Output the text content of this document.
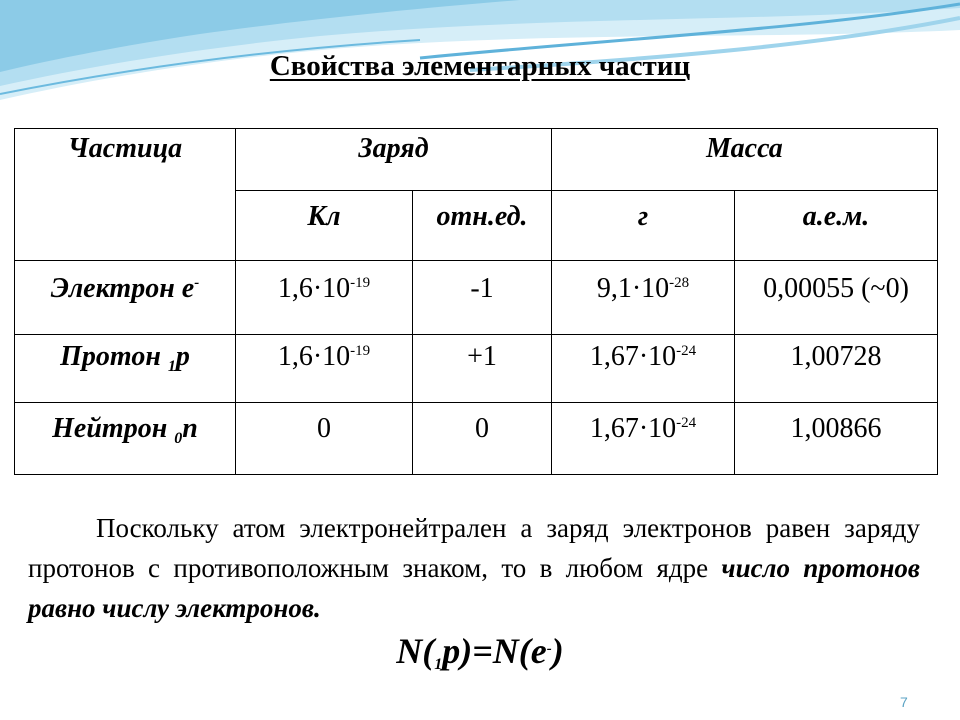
Свойства элементарных частиц
Частица	Заряд		Масса	
	Кл	отн.ед.	г	а.е.м.
Электрон е-	$1,6\cdot 10^{-19}$	-1	$9,1\cdot 10^{-28}$	0,00055 (~0)
Протон $_1$р	$1,6\cdot 10^{-19}$	+1	$1,67\cdot 10^{-24}$	1,00728
Нейтрон $_0$n	0	0	$1,67\cdot 10^{-24}$	1,00866
Поскольку атом электронейтрален а заряд электронов равен заряду протонов с противоположным знаком, то в любом ядре число протонов равно числу электронов.
$N(_1p)=N(e^-)$
7
